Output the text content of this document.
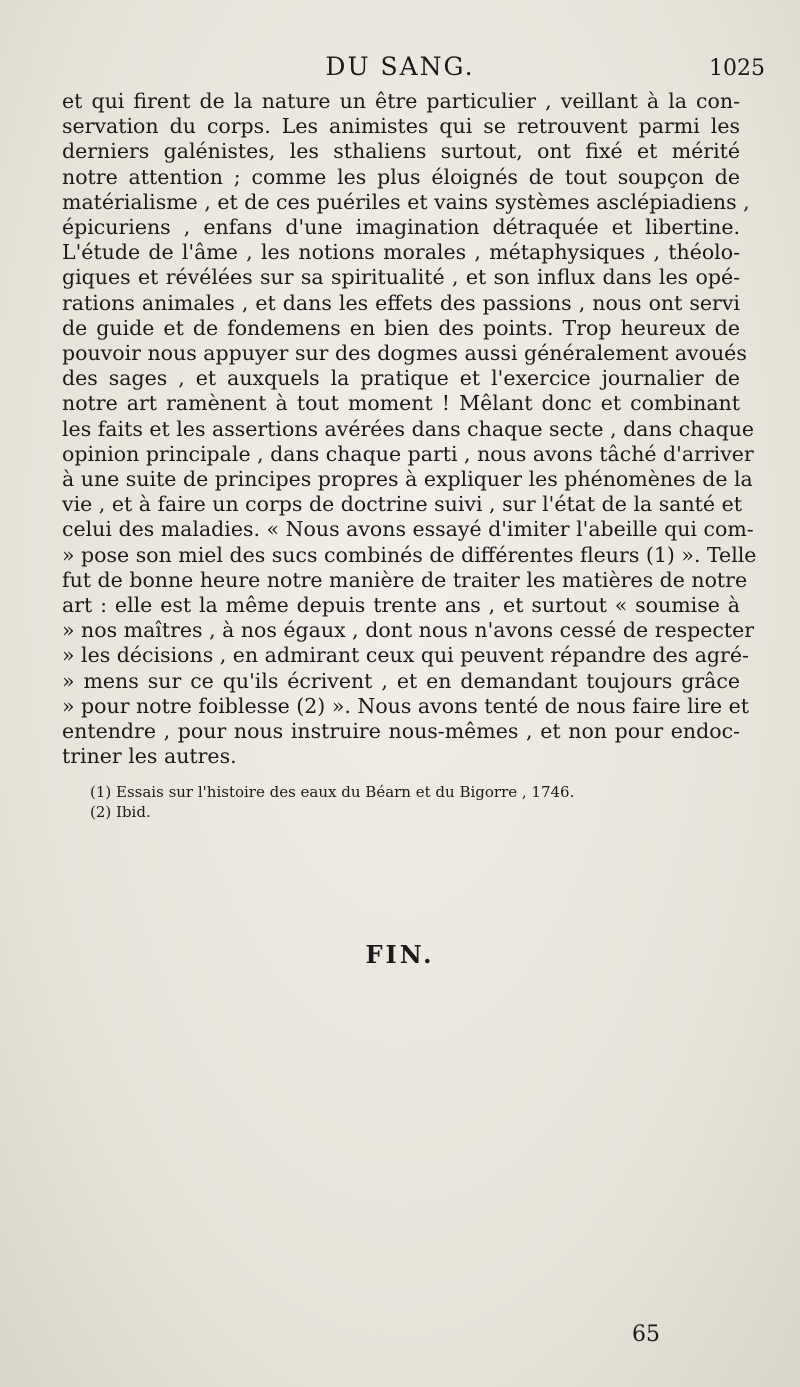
DU SANG.	1025
et qui firent de la nature un être particulier , veillant à la con-
servation du corps. Les animistes qui se retrouvent parmi les
derniers galénistes, les sthaliens surtout, ont fixé et mérité
notre attention ; comme les plus éloignés de tout soupçon de
matérialisme , et de ces puériles et vains systèmes asclépiadiens ,
épicuriens , enfans d'une imagination détraquée et libertine.
L'étude de l'âme , les notions morales , métaphysiques , théolo-
giques et révélées sur sa spiritualité , et son influx dans les opé-
rations animales , et dans les effets des passions , nous ont servi
de guide et de fondemens en bien des points. Trop heureux de
pouvoir nous appuyer sur des dogmes aussi généralement avoués
des sages , et auxquels la pratique et l'exercice journalier de
notre art ramènent à tout moment ! Mêlant donc et combinant
les faits et les assertions avérées dans chaque secte , dans chaque
opinion principale , dans chaque parti , nous avons tâché d'arriver
à une suite de principes propres à expliquer les phénomènes de la
vie , et à faire un corps de doctrine suivi , sur l'état de la santé et
celui des maladies. « Nous avons essayé d'imiter l'abeille qui com-
» pose son miel des sucs combinés de différentes fleurs (1) ». Telle
fut de bonne heure notre manière de traiter les matières de notre
art : elle est la même depuis trente ans , et surtout « soumise à
» nos maîtres , à nos égaux , dont nous n'avons cessé de respecter
» les décisions , en admirant ceux qui peuvent répandre des agré-
» mens sur ce qu'ils écrivent , et en demandant toujours grâce
» pour notre foiblesse (2) ». Nous avons tenté de nous faire lire et
entendre , pour nous instruire nous-mêmes , et non pour endoc-
triner les autres.
(1) Essais sur l'histoire des eaux du Béarn et du Bigorre , 1746.
(2) Ibid.
FIN.
65
